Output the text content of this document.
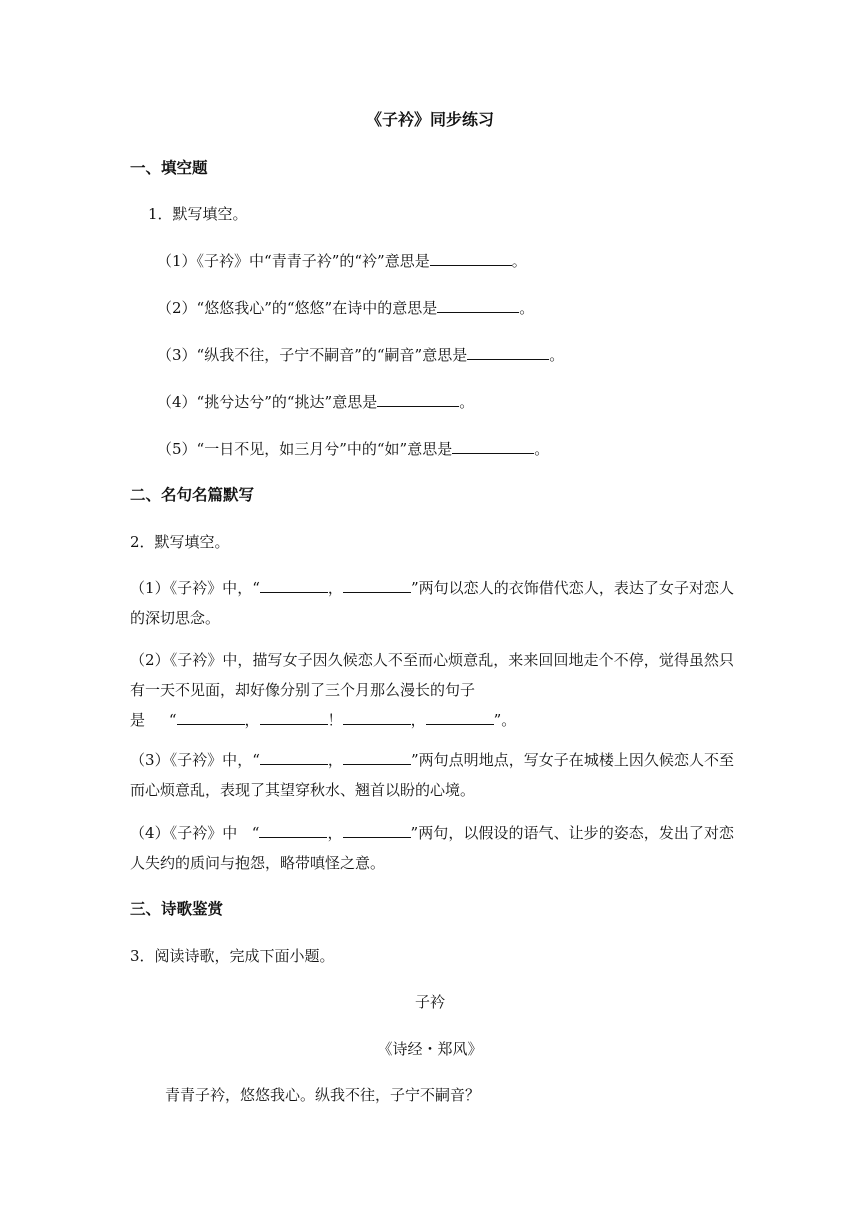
《子衿》同步练习
一、填空题
1．默写填空。
（1）《子衿》中“青青子衿”的“衿”意思是	。
（2）“悠悠我心”的“悠悠”在诗中的意思是	。
（3）“纵我不往，子宁不嗣音”的“嗣音”意思是	。
（4）“挑兮达兮”的“挑达”意思是	。
（5）“一日不见，如三月兮”中的“如”意思是	。
二、名句名篇默写
2．默写填空。
（1）《子衿》中，“	，	”两句以恋人的衣饰借代恋人，表达了女子对恋人的深切思念。
（2）《子衿》中，描写女子因久候恋人不至而心烦意乱，来来回回地走个不停，觉得虽然只有一天不见面，却好像分别了三个月那么漫长的句子
是 “	，	！	，	”。
（3）《子衿》中，“	，	”两句点明地点，写女子在城楼上因久候恋人不至而心烦意乱，表现了其望穿秋水、翘首以盼的心境。
（4）《子衿》中 “	，	”两句，以假设的语气、让步的姿态，发出了对恋人失约的质问与抱怨，略带嗔怪之意。
三、诗歌鉴赏
3．阅读诗歌，完成下面小题。
子衿
《诗经・郑风》
青青子衿，悠悠我心。纵我不往，子宁不嗣音？
